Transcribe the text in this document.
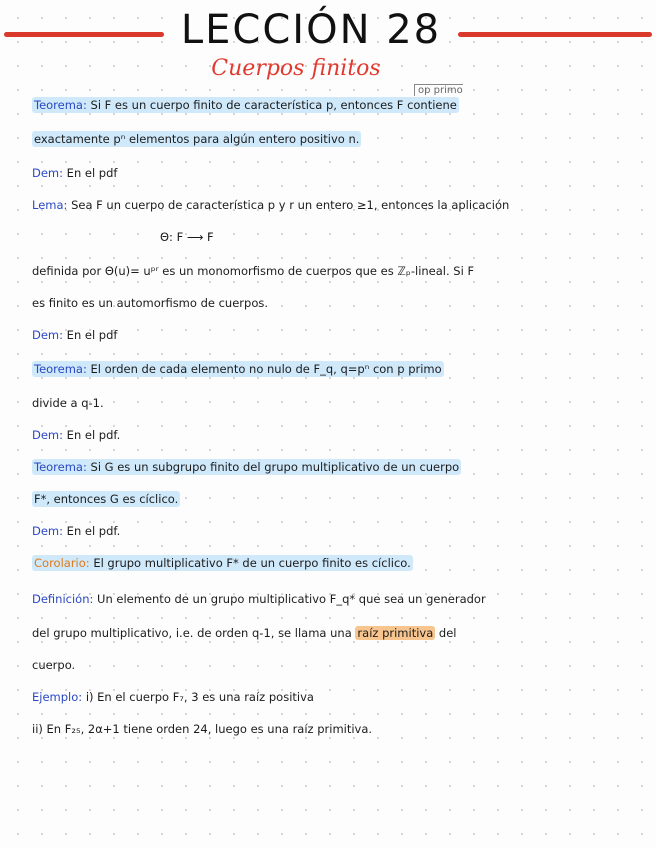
LECCIÓN 28
Cuerpos finitos
op primo
Teorema: Si F es un cuerpo finito de característica p, entonces F contiene
exactamente pⁿ elementos para algún entero positivo n.
Dem: En el pdf
Lema: Sea F un cuerpo de característica p y r un entero ≥1, entonces la aplicación
Θ: F ⟶ F
definida por Θ(u)= uᵖʳ es un monomorfismo de cuerpos que es ℤₚ-lineal. Si F
es finito es un automorfismo de cuerpos.
Dem: En el pdf
Teorema: El orden de cada elemento no nulo de F_q, q=pⁿ con p primo
divide a q-1.
Dem: En el pdf.
Teorema: Si G es un subgrupo finito del grupo multiplicativo de un cuerpo
F*, entonces G es cíclico.
Dem: En el pdf.
Corolario: El grupo multiplicativo F* de un cuerpo finito es cíclico.
Definición: Un elemento de un grupo multiplicativo F_q* que sea un generador
del grupo multiplicativo, i.e. de orden q-1, se llama una raíz primitiva del
cuerpo.
Ejemplo: i) En el cuerpo F₇, 3 es una raíz positiva
ii) En F₂₅, 2α+1 tiene orden 24, luego es una raíz primitiva.
